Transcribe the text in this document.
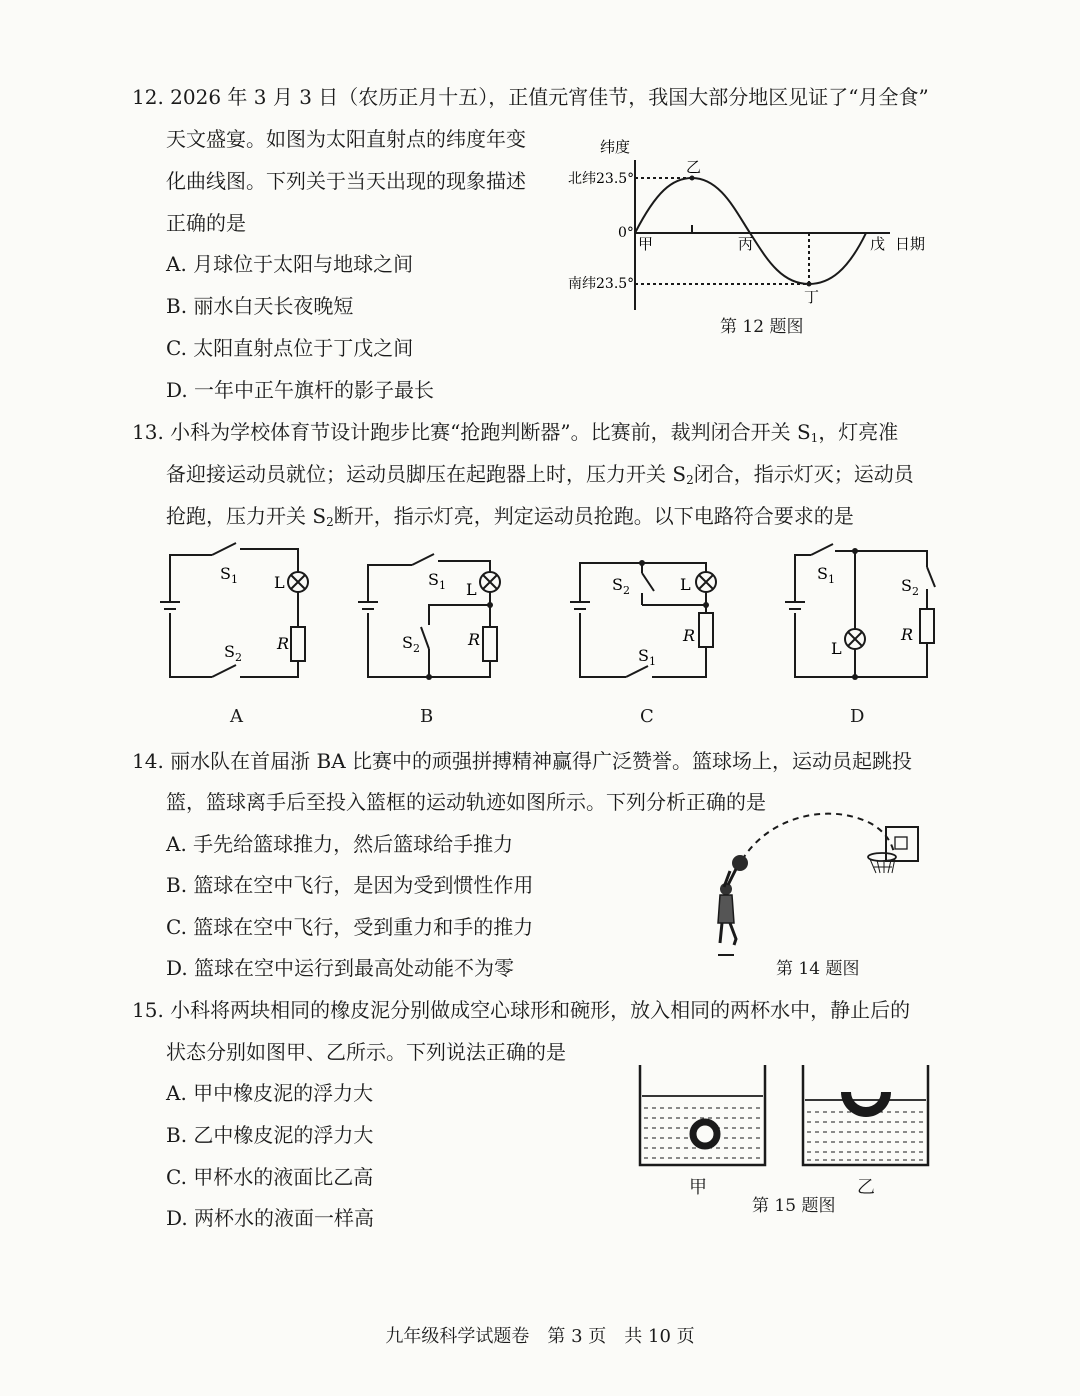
12. 2026 年 3 月 3 日（农历正月十五），正值元宵佳节，我国大部分地区见证了“月全食”
天文盛宴。如图为太阳直射点的纬度年变
化曲线图。下列关于当天出现的现象描述
正确的是
A. 月球位于太阳与地球之间
B. 丽水白天长夜晚短
C. 太阳直射点位于丁戊之间
D. 一年中正午旗杆的影子最长
纬度
北纬23.5°
0°
南纬23.5°
甲
乙
丙
丁
戊 日期
第 12 题图
13. 小科为学校体育节设计跑步比赛“抢跑判断器”。比赛前，裁判闭合开关 $S_1$，灯亮准
备迎接运动员就位；运动员脚压在起跑器上时，压力开关 $S_2$闭合，指示灯灭；运动员
抢跑，压力开关 $S_2$断开，指示灯亮，判定运动员抢跑。以下电路符合要求的是
$S_1$
$S_2$
L
R
A
$S_1$
$S_2$
L
R
B
$S_2$
$S_1$
L
R
C
$S_1$	$S_2$
L
R
D
14. 丽水队在首届浙 BA 比赛中的顽强拼搏精神赢得广泛赞誉。篮球场上，运动员起跳投
篮，篮球离手后至投入篮框的运动轨迹如图所示。下列分析正确的是
A. 手先给篮球推力，然后篮球给手推力
B. 篮球在空中飞行，是因为受到惯性作用
C. 篮球在空中飞行，受到重力和手的推力
D. 篮球在空中运行到最高处动能不为零	第 14 题图
15. 小科将两块相同的橡皮泥分别做成空心球形和碗形，放入相同的两杯水中，静止后的
状态分别如图甲、乙所示。下列说法正确的是
A. 甲中橡皮泥的浮力大
B. 乙中橡皮泥的浮力大
C. 甲杯水的液面比乙高
D. 两杯水的液面一样高
甲	乙
第 15 题图
九年级科学试题卷　第 3 页　共 10 页
